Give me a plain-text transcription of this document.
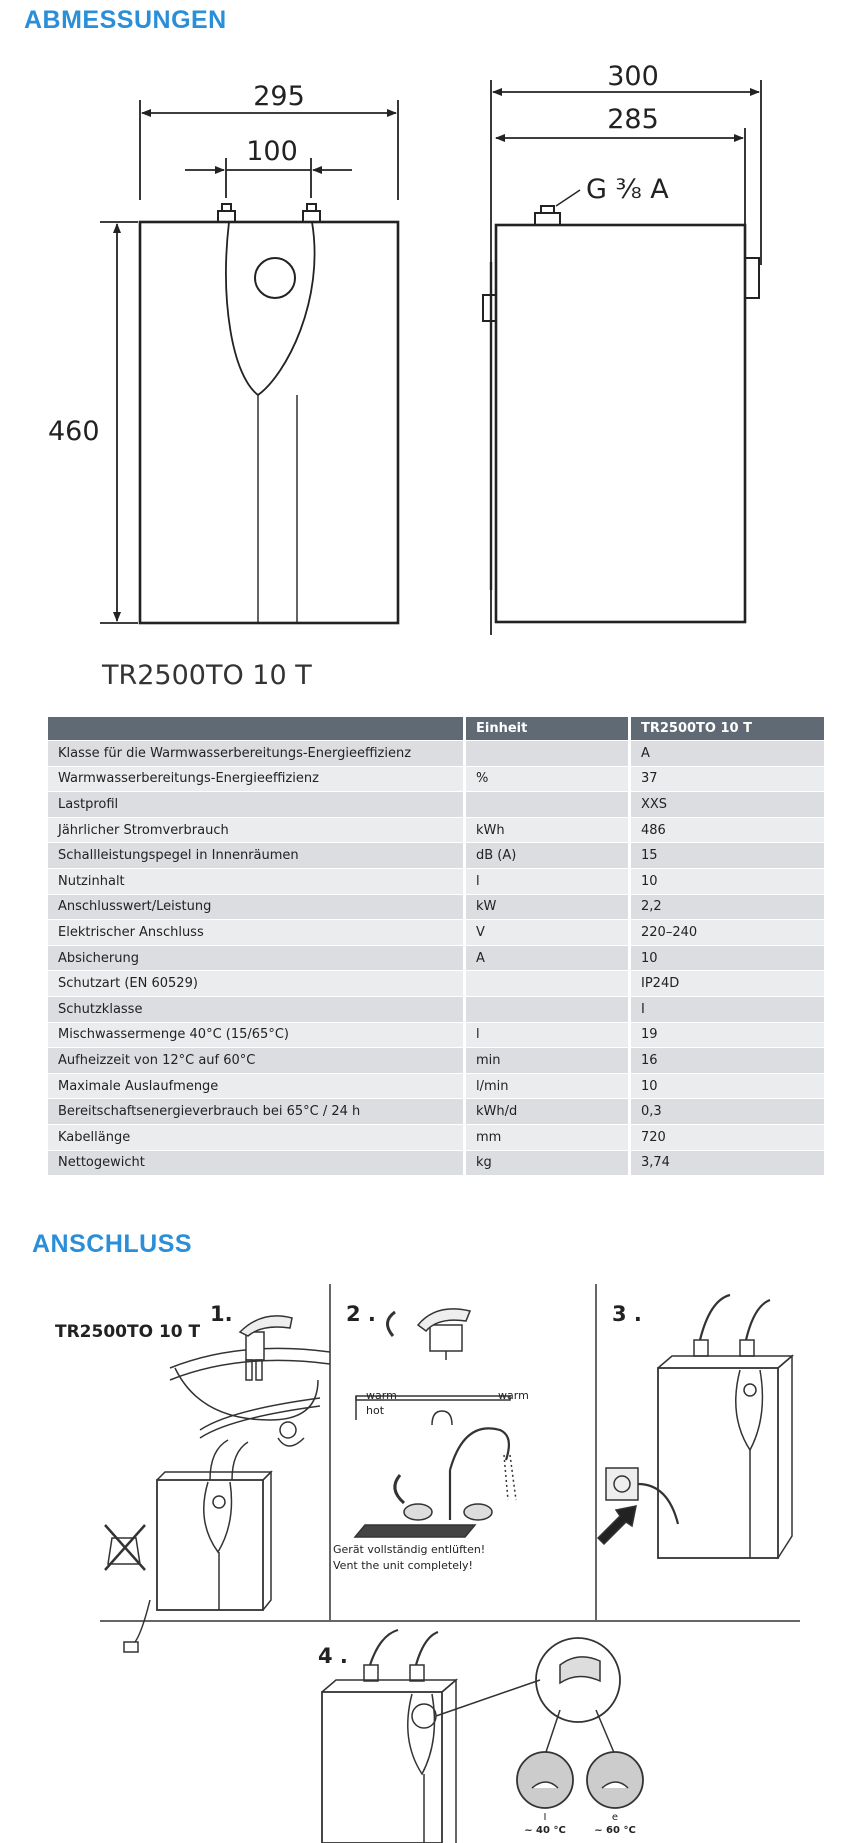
ABMESSUNGEN
295
100
460
300
285
G ⅜ A
TR2500TO 10 T
	Einheit	TR2500TO 10 T
Klasse für die Warmwasserbereitungs-Energieeffizienz		A
Warmwasserbereitungs-Energieeffizienz	%	37
Lastprofil		XXS
Jährlicher Stromverbrauch	kWh	486
Schallleistungspegel in Innenräumen	dB (A)	15
Nutzinhalt	l	10
Anschlusswert/Leistung	kW	2,2
Elektrischer Anschluss	V	220–240
Absicherung	A	10
Schutzart (EN 60529)		IP24D
Schutzklasse		I
Mischwassermenge 40°C (15/65°C)	l	19
Aufheizzeit von 12°C auf 60°C	min	16
Maximale Auslaufmenge	l/min	10
Bereitschaftsenergieverbrauch bei 65°C / 24 h	kWh/d	0,3
Kabellänge	mm	720
Nettogewicht	kg	3,74
ANSCHLUSS
TR2500TO 10 T
1.	2 .	3 .
4 .
warm	warm
hot
Gerät vollständig entlüften!
Vent the unit completely!
I
~ 40 °C
e
~ 60 °C
